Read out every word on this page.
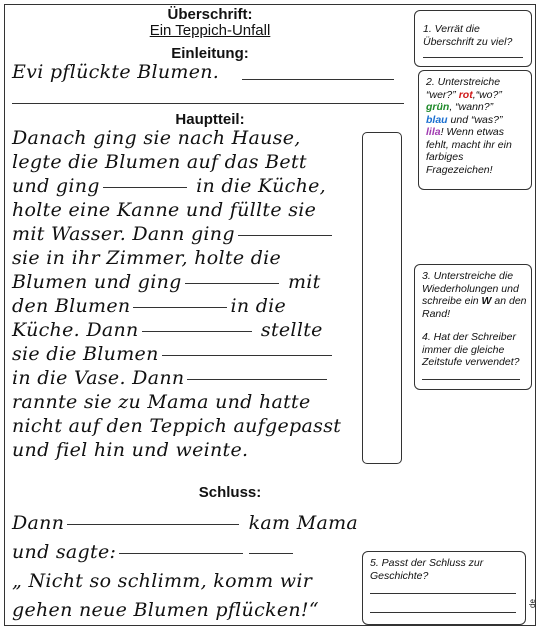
Überschrift:
Ein Teppich-Unfall
Einleitung:
Evi pflückte Blumen.
Hauptteil:
Danach ging sie nach Hause,
legte die Blumen auf das Bett
und ging	in die Küche,
holte eine Kanne und füllte sie
mit Wasser. Dann ging
sie in ihr Zimmer, holte die
Blumen und ging	mit
den Blumen	in die
Küche. Dann	stellte
sie die Blumen
in die Vase. Dann
rannte sie zu Mama und hatte
nicht auf den Teppich aufgepasst
und fiel hin und weinte.
Schluss:
Dann	kam Mama
und sagte:
„ Nicht so schlimm, komm wir
gehen neue Blumen pflücken!“
1. Verrät die Überschrift zu viel?
2. Unterstreiche
“wer?” rot,“wo?”
grün, “wann?”
blau und “was?”
lila! Wenn etwas fehlt, macht ihr ein farbiges Fragezeichen!
3. Unterstreiche die Wiederholungen und schreibe ein W an den Rand!
4. Hat der Schreiber immer die gleiche Zeitstufe verwendet?
5. Passt der Schluss zur Geschichte?
de
